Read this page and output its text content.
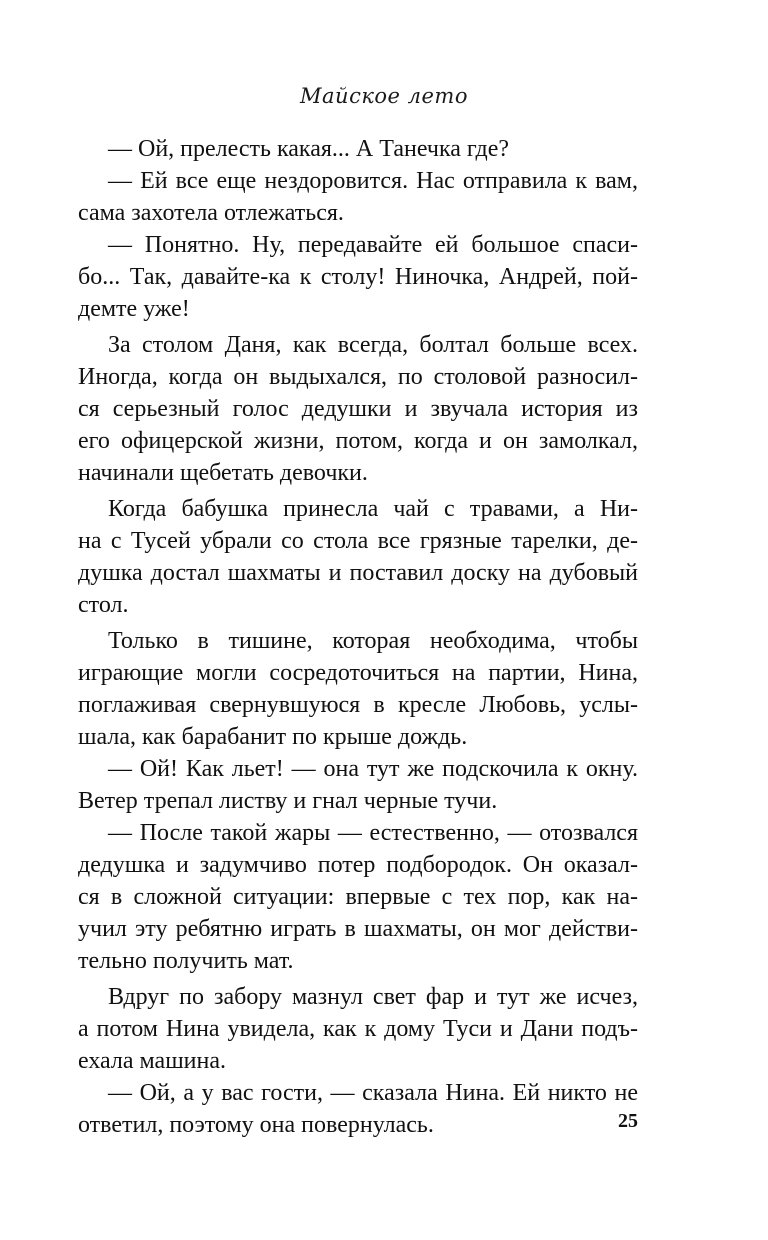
Майское лето

— Ой, прелесть какая... А Танечка где?

— Ей все еще нездоровится. Нас отправила к вам,
сама захотела отлежаться.

— Понятно. Ну, передавайте ей большое спаси-
бо... Так, давайте-ка к столу! Ниночка, Андрей, пой-
демте уже!

За столом Даня, как всегда, болтал больше всех.
Иногда, когда он выдыхался, по столовой разносил-
ся серьезный голос дедушки и звучала история из
его офицерской жизни, потом, когда и он замолкал,
начинали щебетать девочки.

Когда бабушка принесла чай с травами, а Ни-
на с Тусей убрали со стола все грязные тарелки, де-
душка достал шахматы и поставил доску на дубовый
стол.

Только в тишине, которая необходима, чтобы
играющие могли сосредоточиться на партии, Нина,
поглаживая свернувшуюся в кресле Любовь, услы-
шала, как барабанит по крыше дождь.

— Ой! Как льет! — она тут же подскочила к окну.
Ветер трепал листву и гнал черные тучи.

— После такой жары — естественно, — отозвался
дедушка и задумчиво потер подбородок. Он оказал-
ся в сложной ситуации: впервые с тех пор, как на-
учил эту ребятню играть в шахматы, он мог действи-
тельно получить мат.

Вдруг по забору мазнул свет фар и тут же исчез,
а потом Нина увидела, как к дому Туси и Дани подъ-
ехала машина.

— Ой, а у вас гости, — сказала Нина. Ей никто не
ответил, поэтому она повернулась.	25
